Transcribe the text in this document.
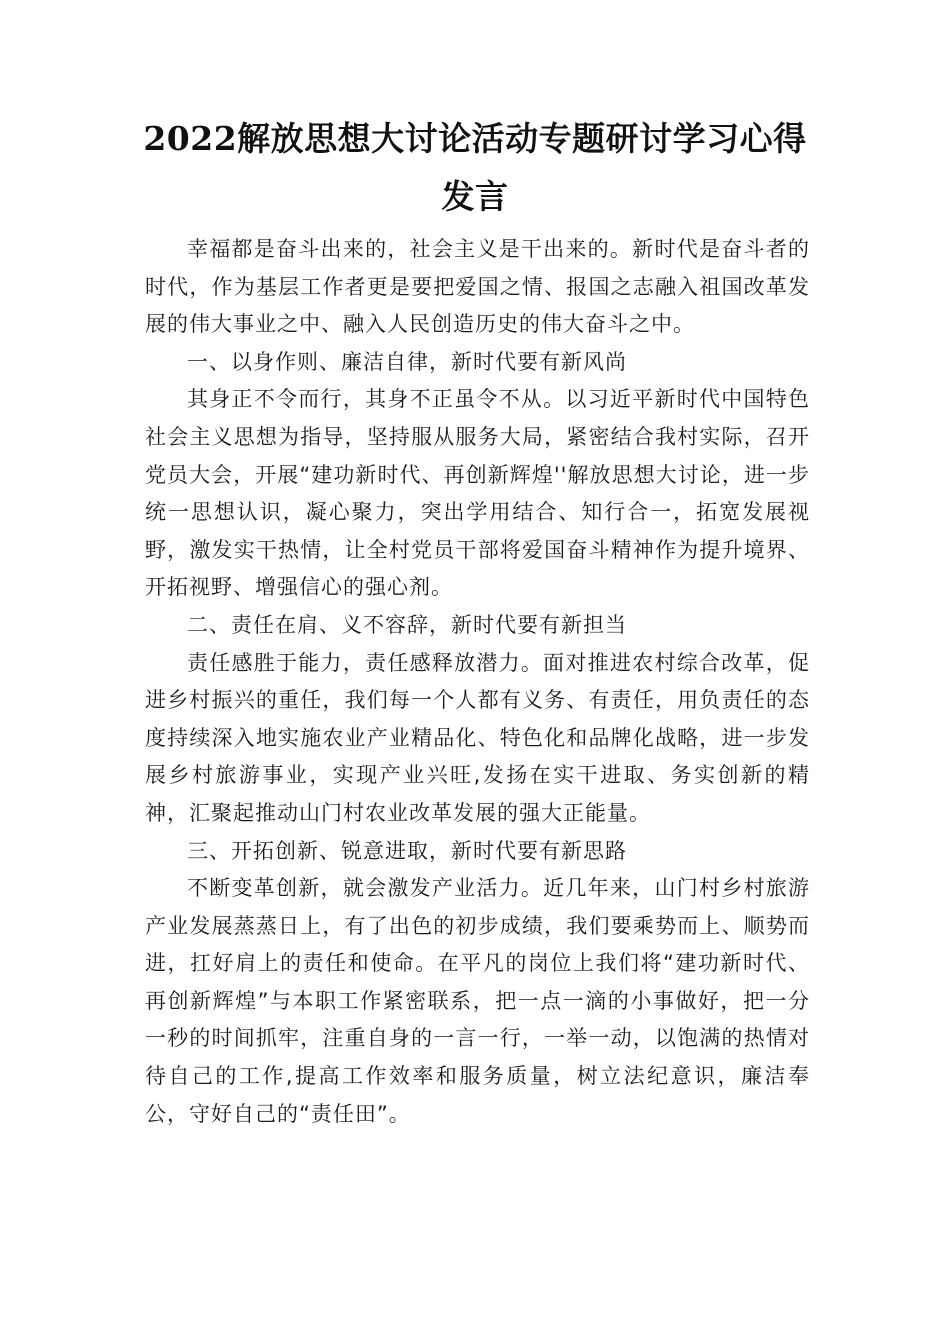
2022解放思想大讨论活动专题研讨学习心得发言

幸福都是奋斗出来的，社会主义是干出来的。新时代是奋斗者的时代，作为基层工作者更是要把爱国之情、报国之志融入祖国改革发展的伟大事业之中、融入人民创造历史的伟大奋斗之中。

一、以身作则、廉洁自律，新时代要有新风尚

其身正不令而行，其身不正虽令不从。以习近平新时代中国特色社会主义思想为指导，坚持服从服务大局，紧密结合我村实际，召开党员大会，开展“建功新时代、再创新辉煌''解放思想大讨论，进一步统一思想认识，凝心聚力，突出学用结合、知行合一，拓宽发展视野，激发实干热情，让全村党员干部将爱国奋斗精神作为提升境界、开拓视野、增强信心的强心剂。

二、责任在肩、义不容辞，新时代要有新担当

责任感胜于能力，责任感释放潜力。面对推进农村综合改革，促进乡村振兴的重任，我们每一个人都有义务、有责任，用负责任的态度持续深入地实施农业产业精品化、特色化和品牌化战略，进一步发展乡村旅游事业，实现产业兴旺,发扬在实干进取、务实创新的精神，汇聚起推动山门村农业改革发展的强大正能量。

三、开拓创新、锐意进取，新时代要有新思路

不断变革创新，就会激发产业活力。近几年来，山门村乡村旅游产业发展蒸蒸日上，有了出色的初步成绩，我们要乘势而上、顺势而进，扛好肩上的责任和使命。在平凡的岗位上我们将“建功新时代、再创新辉煌”与本职工作紧密联系，把一点一滴的小事做好，把一分一秒的时间抓牢，注重自身的一言一行，一举一动，以饱满的热情对待自己的工作,提高工作效率和服务质量，树立法纪意识，廉洁奉公，守好自己的“责任田”。
